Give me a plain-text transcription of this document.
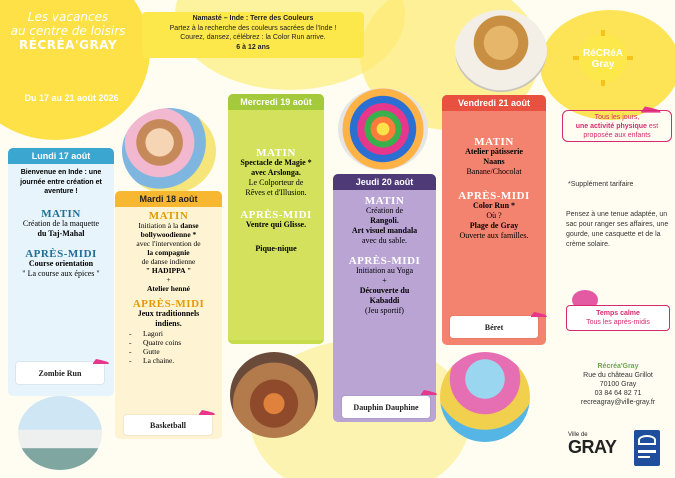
Les vacances
au centre de loisirs
RÉCRÉA'GRAY
Du 17 au 21 août 2026
Namasté – Inde : Terre des Couleurs
Partez à la recherche des couleurs sacrées de l'Inde !
Courez, dansez, célébrez : la Color Run arrive.
6 à 12 ans
Lundi 17 août
Bienvenue en Inde : une journée entre création et aventure !
MATIN
Création de la maquette
du Taj-Mahal
APRÈS-MIDI
Course orientation
" La course aux épices "
Zombie Run
Mardi 18 août
MATIN
Initiation à la danse bollywoodienne *
avec l'intervention de
la compagnie
de danse indienne
" HADIPPA "
+
Atelier henné
APRÈS-MIDI
Jeux traditionnels
indiens.
- Lagori
- Quatre coins
- Gutte
- La chaine.
Basketball
Mercredi 19 août
MATIN
Spectacle de Magie *
avec Arslonga.
Le Colporteur de
Rêves et d'Illusion.
APRÈS-MIDI
Ventre qui Glisse.
Pique-nique
Jeudi 20 août
MATIN
Création de
Rangoli.
Art visuel mandala
avec du sable.
APRÈS-MIDI
Initiation au Yoga
+
Découverte du
Kabaddi
(Jeu sportif)
Dauphin Dauphine
Vendredi 21 août
MATIN
Atelier pâtisserie
Naans
Banane/Chocolat
APRÈS-MIDI
Color Run *
Où ?
Plage de Gray
Ouverte aux familles.
Béret
RéCRéA Gray
Tous les jours,
une activité physique est proposée aux enfants
*Supplément tarifaire
Pensez à une tenue adaptée, un sac pour ranger ses affaires, une gourde, une casquette et de la crème solaire.
Temps calme
Tous les après-midis
Récréa'Gray
Rue du château Grillot
70100 Gray
03 84 64 82 71
recreagray@ville-gray.fr
Ville de
GRAY
